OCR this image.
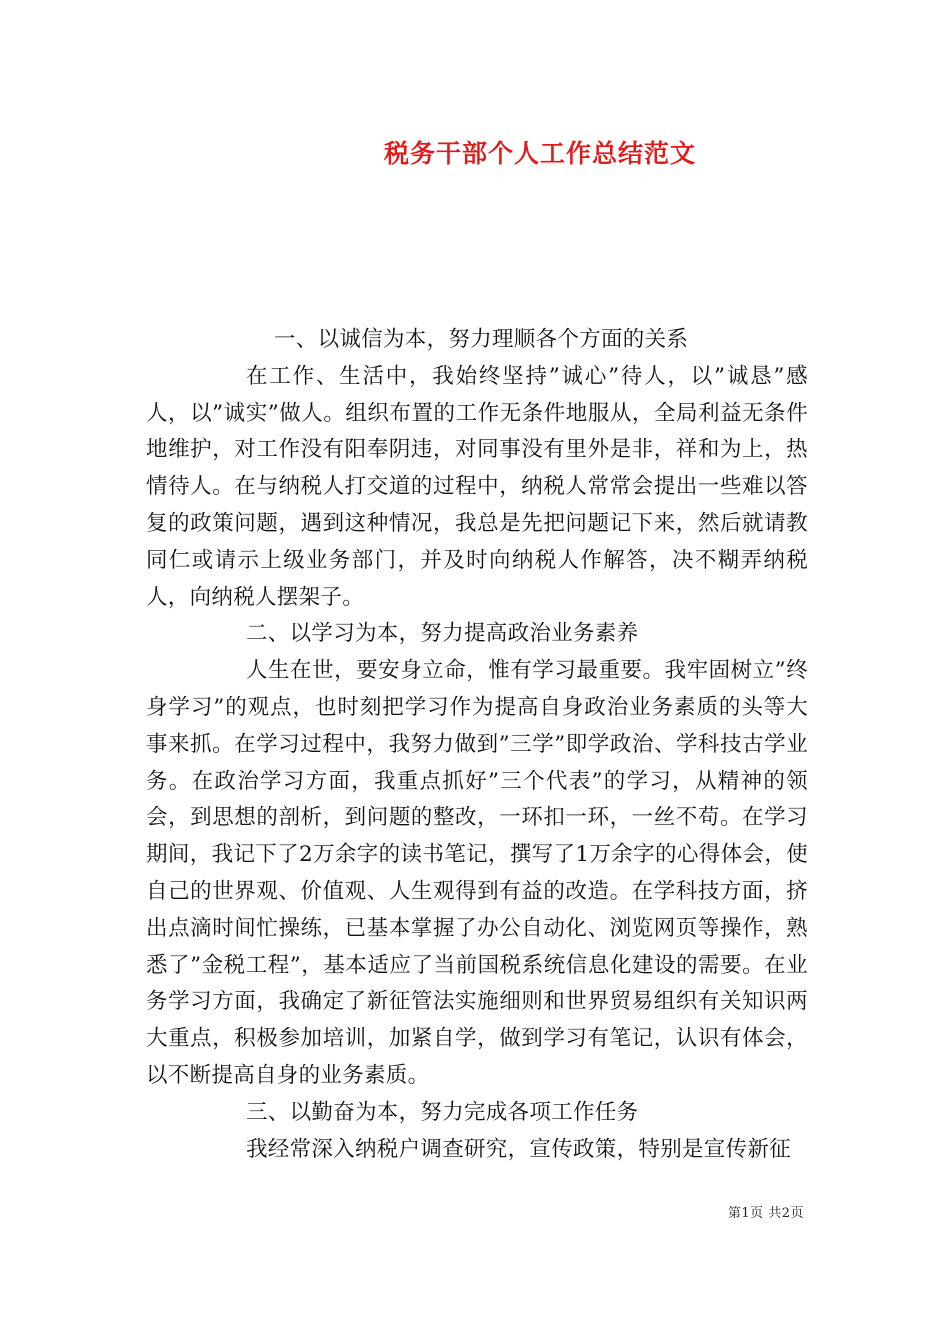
税务干部个人工作总结范文

一、以诚信为本，努力理顺各个方面的关系

在工作、生活中，我始终坚持”诚心”待人，以”诚恳”感人，以”诚实”做人。组织布置的工作无条件地服从，全局利益无条件地维护，对工作没有阳奉阴违，对同事没有里外是非，祥和为上，热情待人。在与纳税人打交道的过程中，纳税人常常会提出一些难以答复的政策问题，遇到这种情况，我总是先把问题记下来，然后就请教同仁或请示上级业务部门，并及时向纳税人作解答，决不糊弄纳税人，向纳税人摆架子。

二、以学习为本，努力提高政治业务素养

人生在世，要安身立命，惟有学习最重要。我牢固树立”终身学习”的观点，也时刻把学习作为提高自身政治业务素质的头等大事来抓。在学习过程中，我努力做到”三学”即学政治、学科技古学业务。在政治学习方面，我重点抓好”三个代表”的学习，从精神的领会，到思想的剖析，到问题的整改，一环扣一环，一丝不苟。在学习期间，我记下了2万余字的读书笔记，撰写了1万余字的心得体会，使自己的世界观、价值观、人生观得到有益的改造。在学科技方面，挤出点滴时间忙操练，已基本掌握了办公自动化、浏览网页等操作，熟悉了”金税工程”，基本适应了当前国税系统信息化建设的需要。在业务学习方面，我确定了新征管法实施细则和世界贸易组织有关知识两大重点，积极参加培训，加紧自学，做到学习有笔记，认识有体会，以不断提高自身的业务素质。

三、以勤奋为本，努力完成各项工作任务

我经常深入纳税户调查研究，宣传政策，特别是宣传新征

第1页 共2页
